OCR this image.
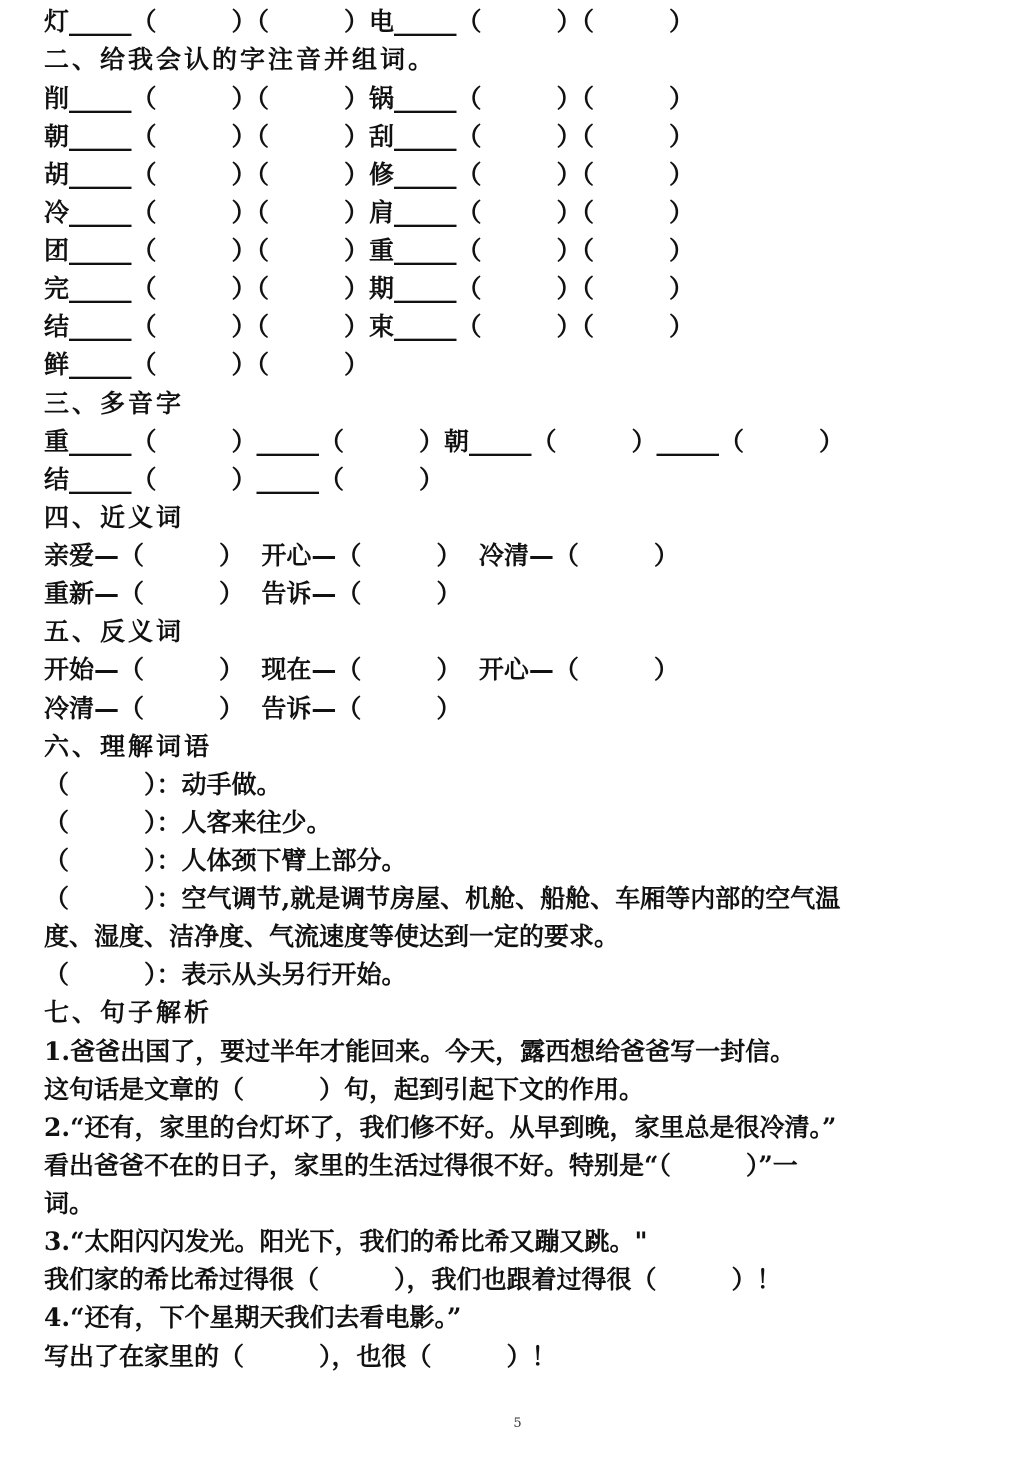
灯_____（　　　）（　　　）电_____（　　　）（　　　）
二、给我会认的字注音并组词。
削_____（　　　）（　　　）锅_____（　　　）（　　　）
朝_____（　　　）（　　　）刮_____（　　　）（　　　）
胡_____（　　　）（　　　）修_____（　　　）（　　　）
冷_____（　　　）（　　　）肩_____（　　　）（　　　）
团_____（　　　）（　　　）重_____（　　　）（　　　）
完_____（　　　）（　　　）期_____（　　　）（　　　）
结_____（　　　）（　　　）束_____（　　　）（　　　）
鲜_____（　　　）（　　　）
三、多音字
重_____（　　　）_____（　　　）朝_____（　　　）_____（　　　）
结_____（　　　）_____（　　　）
四、近义词
亲爱—（　　　）  开心—（　　　）  冷清—（　　　）
重新—（　　　）  告诉—（　　　）
五、反义词
开始—（　　　）  现在—（　　　）  开心—（　　　）
冷清—（　　　）  告诉—（　　　）
六、理解词语
（　　　）：动手做。
（　　　）：人客来往少。
（　　　）：人体颈下臂上部分。
（　　　）：空气调节,就是调节房屋、机舱、船舱、车厢等内部的空气温
度、湿度、洁净度、气流速度等使达到一定的要求。
（　　　）：表示从头另行开始。
七、句子解析
1.爸爸出国了，要过半年才能回来。今天，露西想给爸爸写一封信。
这句话是文章的（　　　）句，起到引起下文的作用。
2.“还有，家里的台灯坏了，我们修不好。从早到晚，家里总是很冷清。”
看出爸爸不在的日子，家里的生活过得很不好。特别是“（　　　）”一
词。
3.“太阳闪闪发光。阳光下，我们的希比希又蹦又跳。"
我们家的希比希过得很（　　　），我们也跟着过得很（　　　）！
4.“还有，下个星期天我们去看电影。”
写出了在家里的（　　　），也很（　　　）！
5
